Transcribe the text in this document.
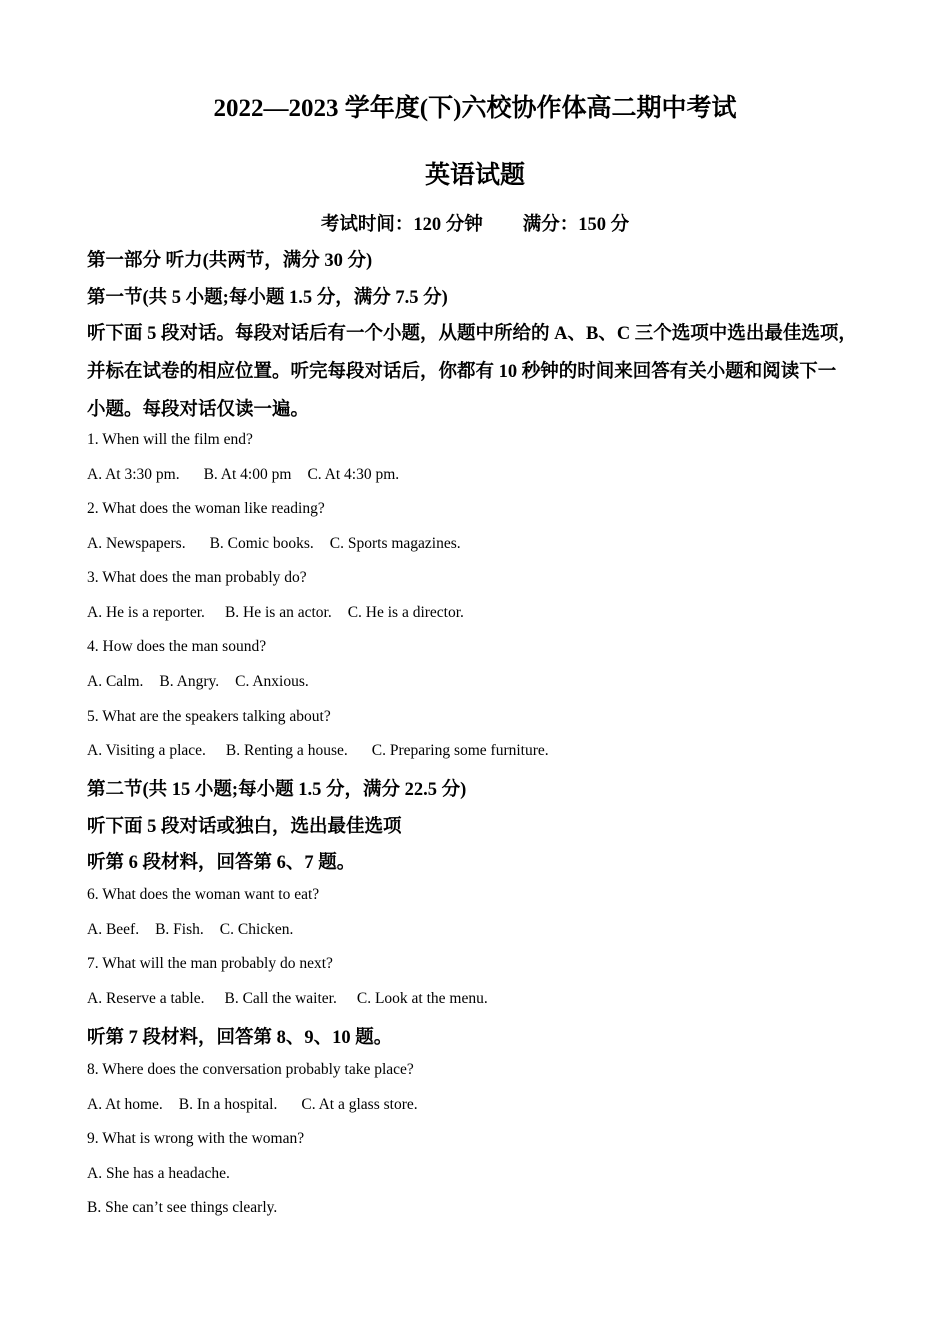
2022—2023 学年度(下)六校协作体高二期中考试
英语试题
考试时间：120 分钟 满分：150 分
第一部分 听力(共两节，满分 30 分)
第一节(共 5 小题;每小题 1.5 分，满分 7.5 分)
听下面 5 段对话。每段对话后有一个小题，从题中所给的 A、B、C 三个选项中选出最佳选项，
并标在试卷的相应位置。听完每段对话后，你都有 10 秒钟的时间来回答有关小题和阅读下一
小题。每段对话仅读一遍。
1. When will the film end?
A. At 3:30 pm. B. At 4:00 pm C. At 4:30 pm.
2. What does the woman like reading?
A. Newspapers. B. Comic books. C. Sports magazines.
3. What does the man probably do?
A. He is a reporter. B. He is an actor. C. He is a director.
4. How does the man sound?
A. Calm. B. Angry. C. Anxious.
5. What are the speakers talking about?
A. Visiting a place. B. Renting a house. C. Preparing some furniture.
第二节(共 15 小题;每小题 1.5 分，满分 22.5 分)
听下面 5 段对话或独白，选出最佳选项
听第 6 段材料，回答第 6、7 题。
6. What does the woman want to eat?
A. Beef. B. Fish. C. Chicken.
7. What will the man probably do next?
A. Reserve a table. B. Call the waiter. C. Look at the menu.
听第 7 段材料，回答第 8、9、10 题。
8. Where does the conversation probably take place?
A. At home. B. In a hospital. C. At a glass store.
9. What is wrong with the woman?
A. She has a headache.
B. She can’t see things clearly.
